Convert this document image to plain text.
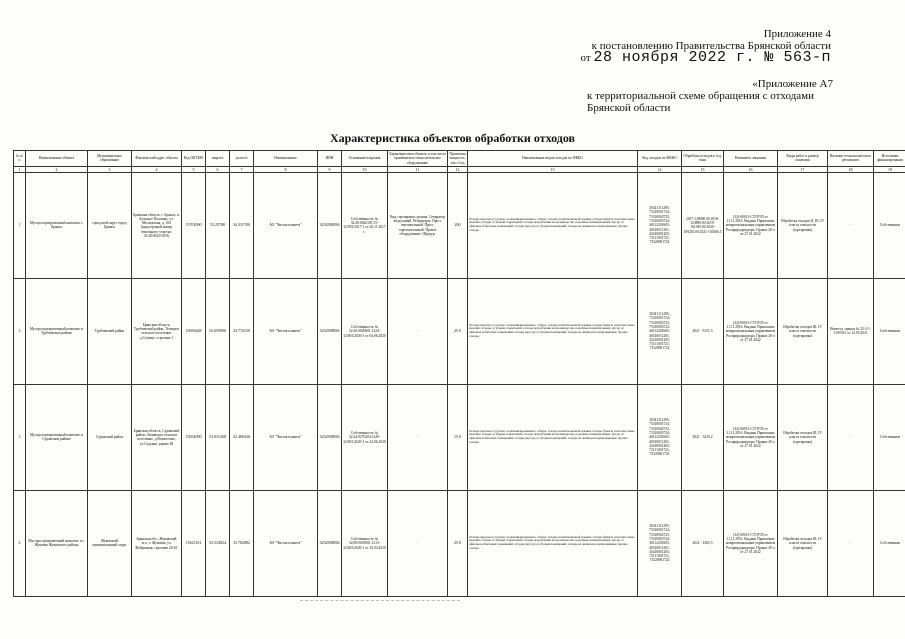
Приложение 4
к постановлению Правительства Брянской области
от 28 ноября 2022 г. № 563-п
«Приложение А7
к территориальной схеме обращения с отходами
Брянской области
Характеристика объектов обработки отходов
№ п/п	Наименование объекта	Муниципальное образование	Фактический адрес объекта	Код ОКТМО	широта	долгота	Наименование	ИНН	Основание владения	Характеристика объекта, в том числе применяемое технологическое оборудование	Проектная мощность, тыс.т/год	Наименование видов отходов по ФККО	Код отходов по ФККО	Обработка отходов в год, тонн	Реквизиты лицензии	Виды работ и размер лицензии	Наличие технологического регламента	Источники финансирования
1	2	3	4	5	6	7	8	9	10	11	12	13	14	15	16	17	18	19
1	Мусоросортировочный комплекс г. Брянск	городской округ город Брянск	Брянская область, г. Брянск, п. Большое Полпино, ул. Московская, д. 104 (кадастровый номер земельного участка: 32:28:0022105:9)	15701000	53.25780	34.331700	АО "Чистая планета"	3254508836	Собственность № 32:28:0022105:15-32/001/2017-1 от 02.11.2017 г.	Вид сортировки: ручная. Сепаратор воздушный. Резервуары. Пресс вертикальный. Пресс горизонтальный. Прочее оборудование. Шредер.	200	Отходы картона от ручного и механизированного отбора; отходы полиэтиленовой пленки; отходы бумаги; пластмассовые изделия; отходы от уборки территорий; отходы потребления на производстве, подобные коммунальным; мусор от офисных и бытовых помещений; отходы (мусор) от уборки помещений; отходы из жилищ несортированные; прочие отходы.	30411111295; 73310001724; 73310002725; 73310003724; 40112201605; 40310011201; 43410001205; 73111001721; 73320001724	2017-128000,00 2018-123890,00 2019-101390,00 2020-109250,00 2021-103366,5	(32)-00013-СТОУ/П от 11.11.2016. Выдано Приокским межрегиональным управлением Росприроднадзора. Приказ 20-л от 27.01.2022	Обработка отходов II, III, IV класса опасности (сортировка)	-	Собственные
2	Мусоросортировочный комплекс в Трубчевском районе	Трубчевский район	Брянская область, Трубчевский район, Телецкое сельское поселение, д.Селище, строение 1	15656448	52.659906	33.774150	АО "Чистая планета"	3254508836	Собственность № 32:26:0020601:1224-32/001/2020-1 от 04.06.2020	-	25.0	Отходы картона от ручного и механизированного отбора; отходы полиэтиленовой пленки; отходы бумаги; пластмассовые изделия; отходы от уборки территорий; отходы потребления на производстве, подобные коммунальным; мусор от офисных и бытовых помещений; отходы (мусор) от уборки помещений; отходы из жилищ несортированные; прочие отходы.	30411111295; 73310001724; 73310002725; 73310003724; 40112201605; 40310011201; 43410001205; 73111001721; 73320001724	2021 - 6151,3	(32)-00013-СТОУ/П от 11.11.2016. Выдано Приокским межрегиональным управлением Росприроднадзора. Приказ 20-л от 27.01.2022	Обработка отходов III, IV класса опасности (сортировка)	Имеется, приказ № 32-2-1-1-0059/1 от 14.05.2021	Собственные
3	Мусоросортировочный комплекс в Суражском районе	Суражский район	Брянская область, Суражский район, Овчинское сельское поселение, д.Вознесенье, ул.Садовая, здание 48	15654000	53.031368	32.486436	АО "Чистая планета"	3254508836	Собственность № 32:24:0270204:1249-32/001/2020-1 от 22.06.2020	-	15.0	Отходы картона от ручного и механизированного отбора; отходы полиэтиленовой пленки; отходы бумаги; пластмассовые изделия; отходы от уборки территорий; отходы потребления на производстве, подобные коммунальным; мусор от офисных и бытовых помещений; отходы (мусор) от уборки помещений; отходы из жилищ несортированные; прочие отходы.	30411111295; 73310001724; 73310002725; 73310003724; 40112201605; 40310011201; 43410001205; 73111001721; 73320001724	2021 - 3410,2	(32)-00013-СТОУ/П от 11.11.2016. Выдано Приокским межрегиональным управлением Росприроднадзора. Приказ 20-л от 27.01.2022	Обработка отходов III, IV класса опасности (сортировка)	-	Собственные
4	Мусоросортировочный комплекс в г. Жуковка Жуковского района	Жуковский муниципальный округ	Брянская обл., Жуковский м.о., г. Жуковка, ул. Фабричная, строение 20-Б1	15621101	53.534824	33.782082	АО "Чистая планета"	3254508836	Собственность № 32:08:0010001:1213-32/001/2020-1 от 10.04.2020	-	25.0	Отходы картона от ручного и механизированного отбора; отходы полиэтиленовой пленки; отходы бумаги; пластмассовые изделия; отходы от уборки территорий; отходы потребления на производстве, подобные коммунальным; мусор от офисных и бытовых помещений; отходы (мусор) от уборки помещений; отходы из жилищ несортированные; прочие отходы.	30411111295; 73310001724; 73310002725; 73310003724; 40112201605; 40310011201; 43410001205; 73111001721; 73320001724	2021 - 4365,5	(32)-00013-СТОУ/П от 11.11.2016. Выдано Приокским межрегиональным управлением Росприроднадзора. Приказ 20-л от 27.01.2022	Обработка отходов III, IV класса опасности (сортировка)	-	Собственные
